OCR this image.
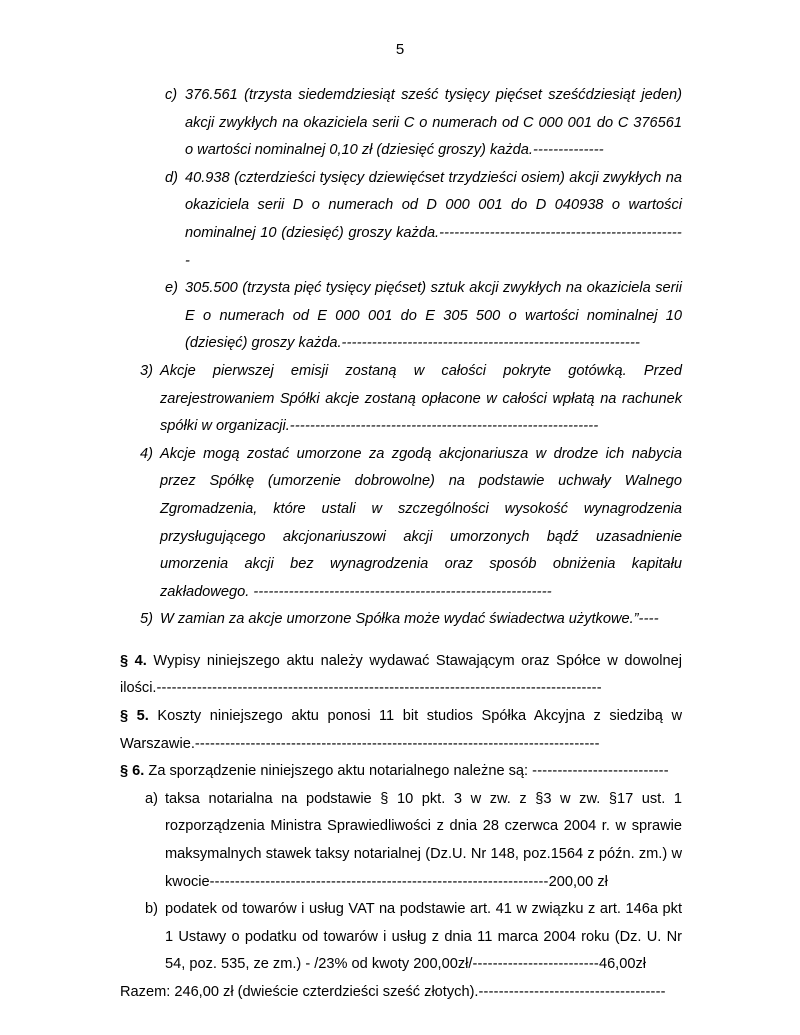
5

c) 376.561 (trzysta siedemdziesiąt sześć tysięcy pięćset sześćdziesiąt jeden) akcji zwykłych na okaziciela serii C o numerach od C 000 001 do C 376561 o wartości nominalnej 0,10 zł (dziesięć groszy) każda.--------------

d) 40.938 (czterdzieści tysięcy dziewięćset trzydzieści osiem) akcji zwykłych na okaziciela serii D o numerach od D 000 001 do D 040938 o wartości nominalnej 10 (dziesięć) groszy każda.-------------------------------------------------

e) 305.500 (trzysta pięć tysięcy pięćset) sztuk akcji zwykłych na okaziciela serii E o numerach od E 000 001 do E 305 500 o wartości nominalnej 10 (dziesięć) groszy każda.-----------------------------------------------------------

3) Akcje pierwszej emisji zostaną w całości pokryte gotówką. Przed zarejestrowaniem Spółki akcje zostaną opłacone w całości wpłatą na rachunek spółki w organizacji.-------------------------------------------------------------

4) Akcje mogą zostać umorzone za zgodą akcjonariusza w drodze ich nabycia przez Spółkę (umorzenie dobrowolne) na podstawie uchwały Walnego Zgromadzenia, które ustali w szczególności wysokość wynagrodzenia przysługującego akcjonariuszowi akcji umorzonych bądź uzasadnienie umorzenia akcji bez wynagrodzenia oraz sposób obniżenia kapitału zakładowego. -----------------------------------------------------------

5) W zamian za akcje umorzone Spółka może wydać świadectwa użytkowe.”----

§ 4. Wypisy niniejszego aktu należy wydawać Stawającym oraz Spółce w dowolnej ilości.----------------------------------------------------------------------------------------

§ 5. Koszty niniejszego aktu ponosi 11 bit studios Spółka Akcyjna z siedzibą w Warszawie.--------------------------------------------------------------------------------

§ 6. Za sporządzenie niniejszego aktu notarialnego należne są: ---------------------------

a) taksa notarialna na podstawie § 10 pkt. 3 w zw. z §3 w zw. §17 ust. 1 rozporządzenia Ministra Sprawiedliwości z dnia 28 czerwca 2004 r. w sprawie maksymalnych stawek taksy notarialnej (Dz.U. Nr 148, poz.1564 z późn. zm.) w kwocie-------------------------------------------------------------------200,00 zł

b) podatek od towarów i usług VAT na podstawie art. 41 w związku z art. 146a pkt 1 Ustawy o podatku od towarów i usług z dnia 11 marca 2004 roku (Dz. U. Nr 54, poz. 535, ze zm.) - /23% od kwoty 200,00zł/-------------------------46,00zł

Razem: 246,00 zł (dwieście czterdzieści sześć złotych).-------------------------------------
